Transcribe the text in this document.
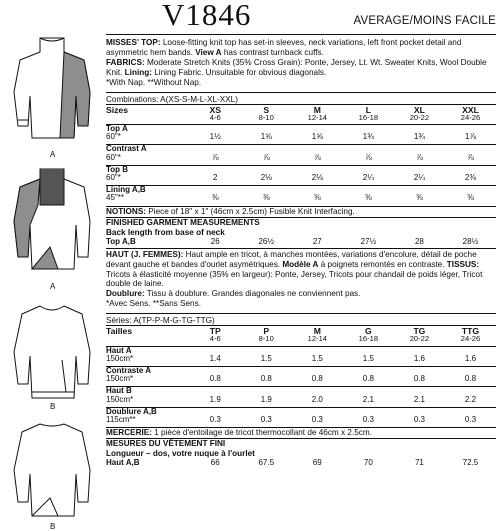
A
A
B
B
V1846	AVERAGE/MOINS FACILE
MISSES' TOP: Loose-fitting knit top has set-in sleeves, neck variations, left front pocket detail and asymmetric hem bands. View A has contrast turnback cuffs.
FABRICS: Moderate Stretch Knits (35% Cross Grain): Ponte, Jersey, Lt. Wt. Sweater Knits, Wool Double Knit. Lining: Lining Fabric. Unsuitable for obvious diagonals.
*With Nap. **Without Nap.
Combinations: A(XS-S-M-L-XL-XXL)
Sizes	XS	S	M	L	XL	XXL
	4-6	8-10	12-14	16-18	20-22	24-26
Top A						
60"*	1½	1⅝	1⅝	1¾	1¾	1⅞
Contrast A						
60"*	⅞	⅞	⅞	⅞	⅞	⅞
Top B						
60"*	2	2⅛	2⅛	2¼	2¼	2⅜
Lining A,B						
45"**	⅜	⅜	⅜	⅜	⅜	⅜
NOTIONS: Piece of 18" x 1" (46cm x 2.5cm) Fusible Knit Interfacing.
FINISHED GARMENT MEASUREMENTS
Back length from base of neck
Top A,B	26	26½	27	27½	28	28½
HAUT (J. FEMMES): Haut ample en tricot, à manches montées, variations d'encolure, détail de poche devant gauche et bandes d'ourlet asymétriques. Modèle A à poignets remontés en contraste. TISSUS: Tricots à élasticité moyenne (35% en largeur): Ponte, Jersey, Tricots pour chandail de poids léger, Tricot double de laine.
Doublure: Tissu à doublure. Grandes diagonales ne conviennent pas.
*Avec Sens. **Sans Sens.
Séries: A(TP-P-M-G-TG-TTG)
Tailles	TP	P	M	G	TG	TTG
	4-6	8-10	12-14	16-18	20-22	24-26
Haut A						
150cm*	1.4	1.5	1.5	1.5	1.6	1.6
Contraste A						
150cm*	0.8	0.8	0.8	0.8	0.8	0.8
Haut B						
150cm*	1.9	1.9	2.0	2.1	2.1	2.2
Doublure A,B						
115cm**	0.3	0.3	0.3	0.3	0.3	0.3
MERCERIE: 1 pièce d'entoilage de tricot thermocollant de 46cm x 2.5cm.
MESURES DU VÊTEMENT FINI
Longueur – dos, votre nuque à l'ourlet
Haut A,B	66	67.5	69	70	71	72.5
